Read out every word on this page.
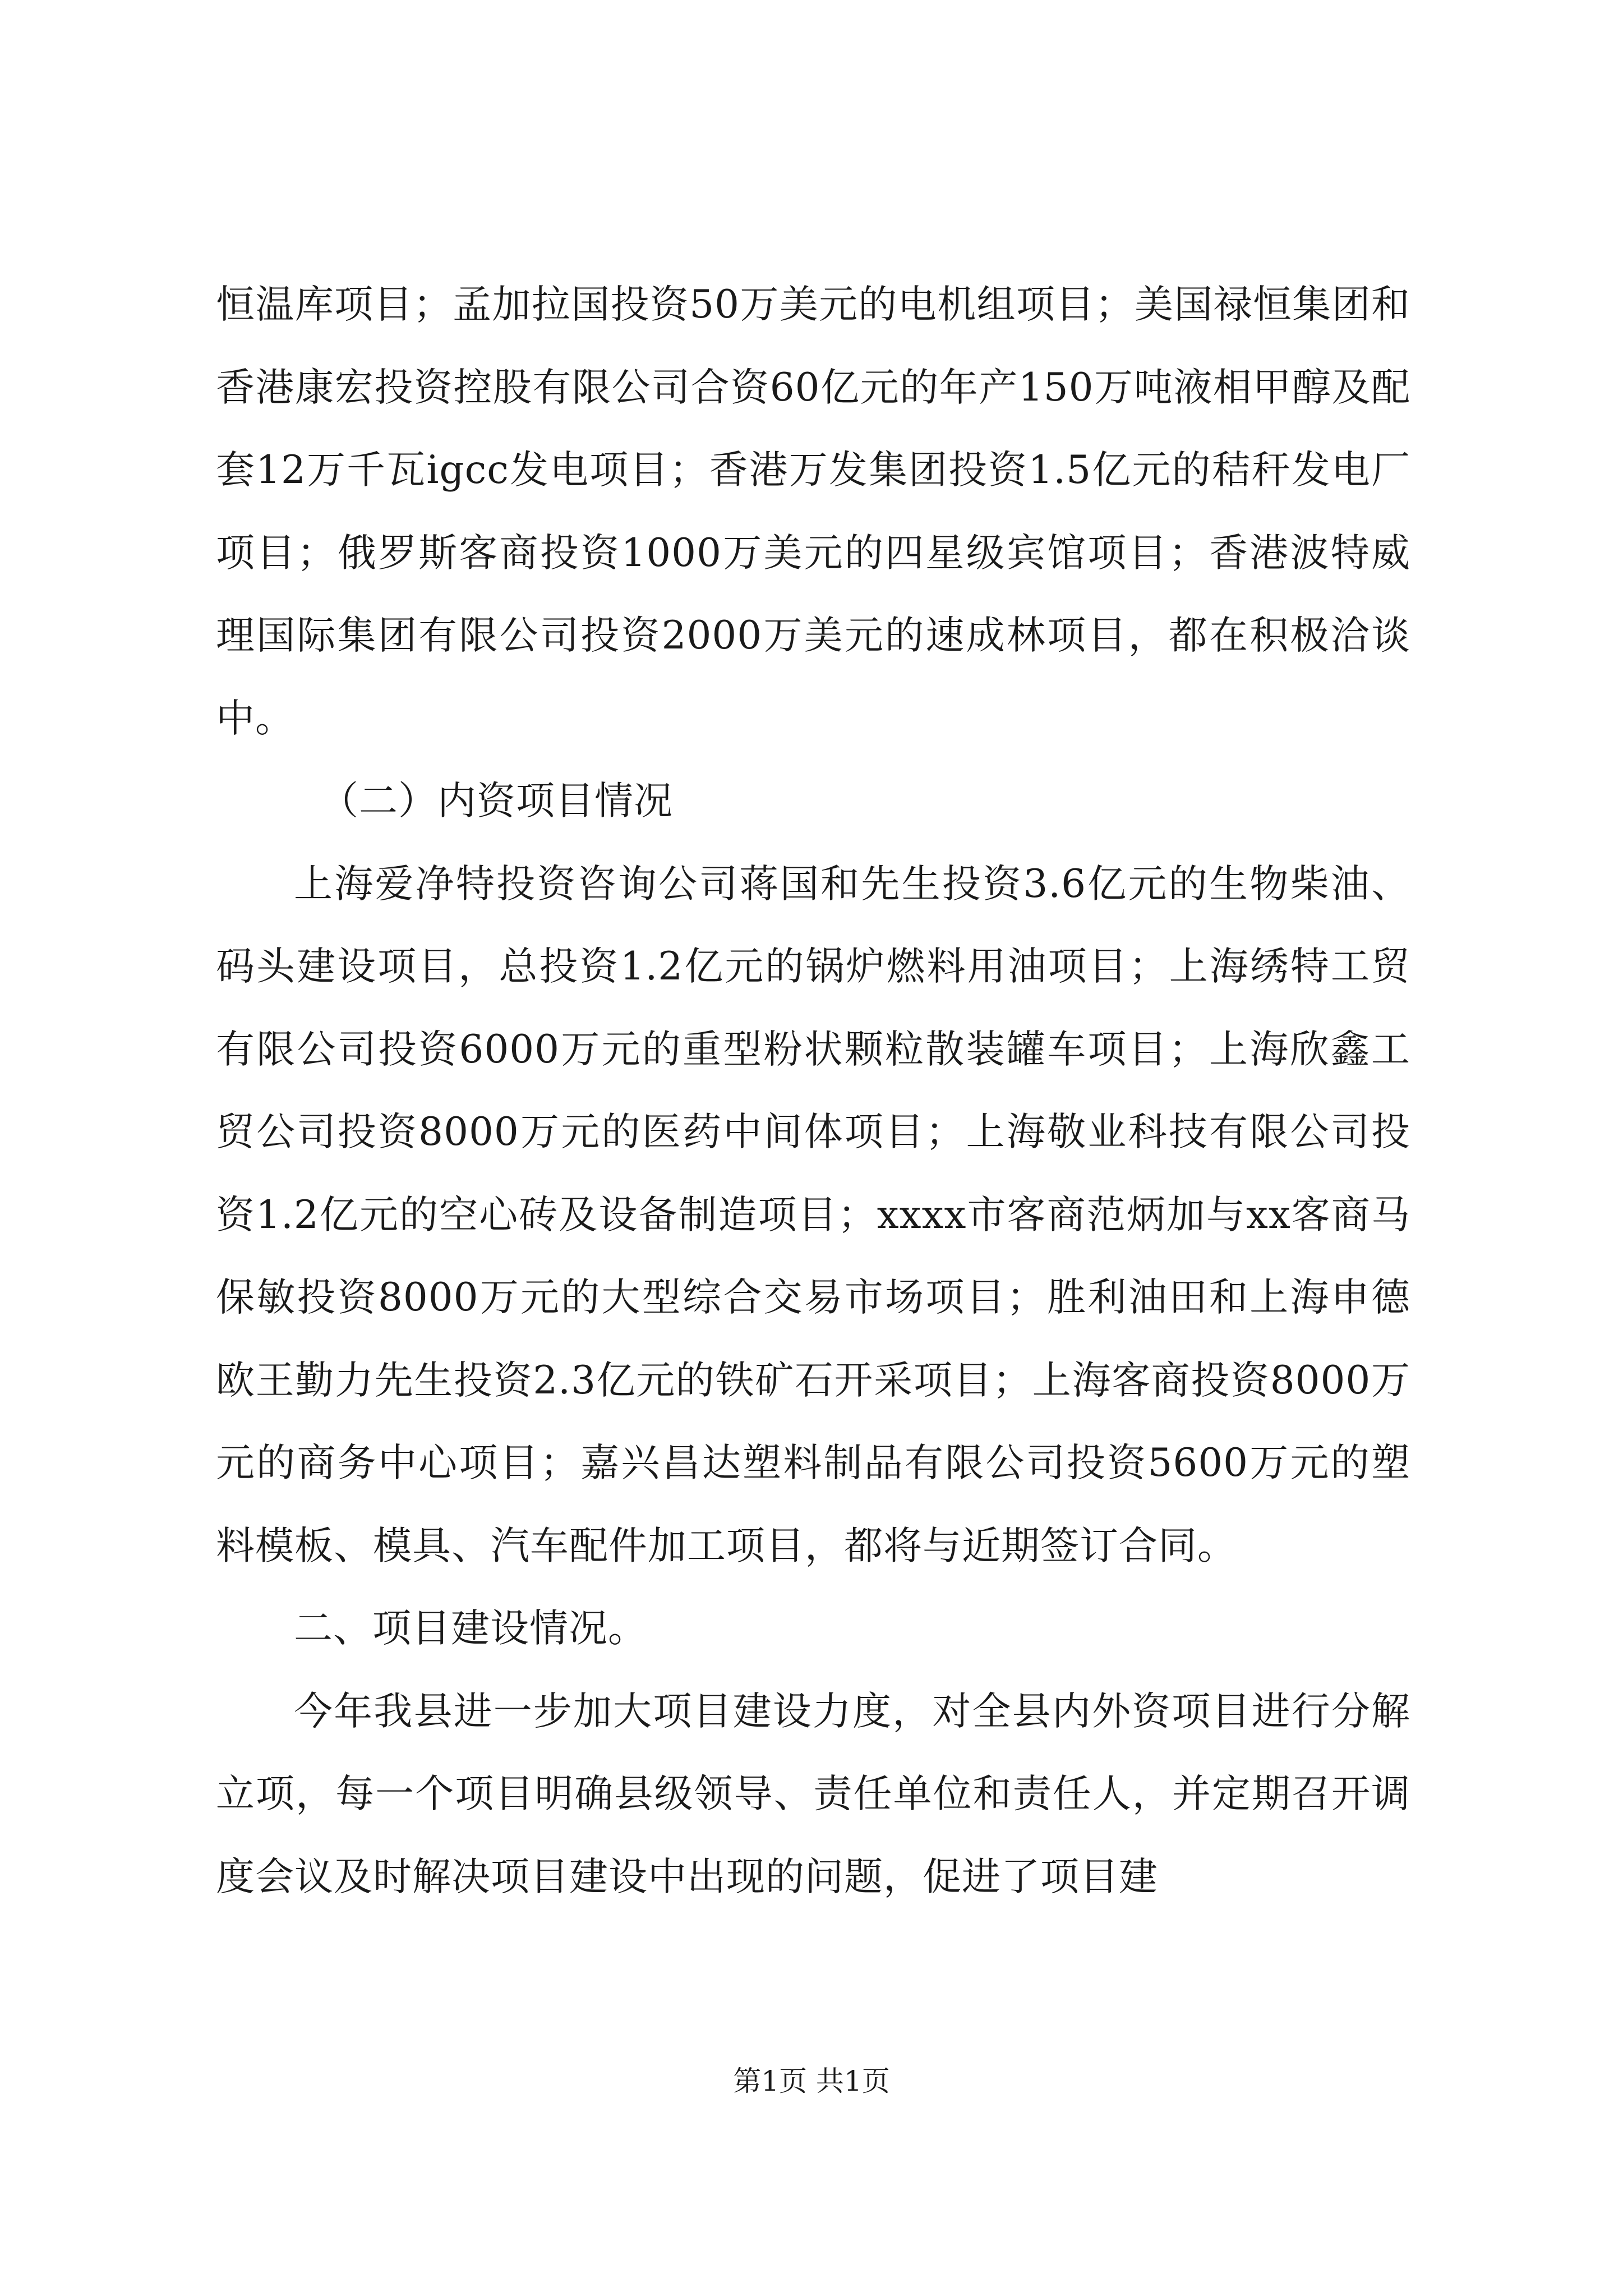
恒温库项目；孟加拉国投资50万美元的电机组项目；美国禄恒集团和香港康宏投资控股有限公司合资60亿元的年产150万吨液相甲醇及配套12万千瓦igcc发电项目；香港万发集团投资1.5亿元的秸秆发电厂项目；俄罗斯客商投资1000万美元的四星级宾馆项目；香港波特威理国际集团有限公司投资2000万美元的速成林项目，都在积极洽谈中。

（二）内资项目情况

上海爱净特投资咨询公司蒋国和先生投资3.6亿元的生物柴油、码头建设项目，总投资1.2亿元的锅炉燃料用油项目；上海绣特工贸有限公司投资6000万元的重型粉状颗粒散装罐车项目；上海欣鑫工贸公司投资8000万元的医药中间体项目；上海敬业科技有限公司投资1.2亿元的空心砖及设备制造项目；xxxx市客商范炳加与xx客商马保敏投资8000万元的大型综合交易市场项目；胜利油田和上海申德欧王勤力先生投资2.3亿元的铁矿石开采项目；上海客商投资8000万元的商务中心项目；嘉兴昌达塑料制品有限公司投资5600万元的塑料模板、模具、汽车配件加工项目，都将与近期签订合同。

二、项目建设情况。

今年我县进一步加大项目建设力度，对全县内外资项目进行分解立项，每一个项目明确县级领导、责任单位和责任人，并定期召开调度会议及时解决项目建设中出现的问题，促进了项目建

第1页 共1页
